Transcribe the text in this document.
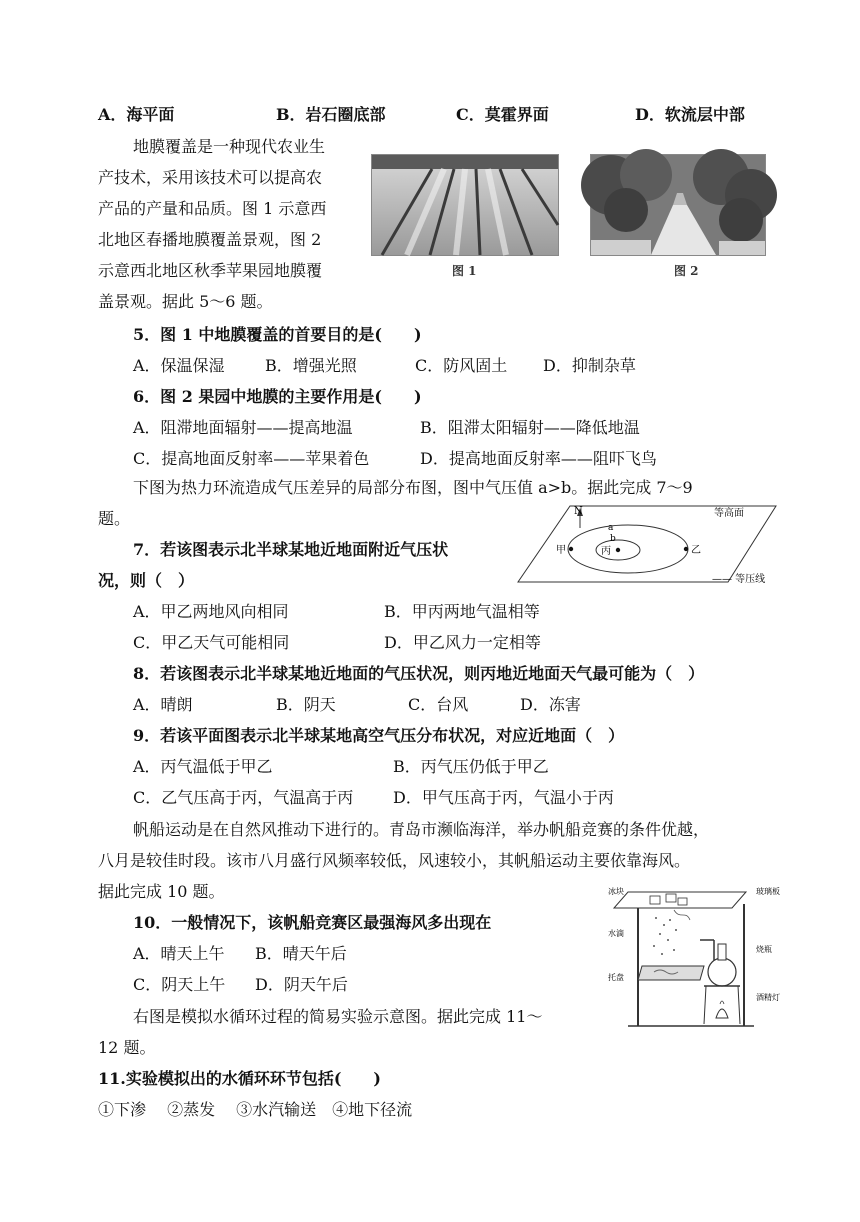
A．海平面	B．岩石圈底部	C．莫霍界面	D．软流层中部
地膜覆盖是一种现代农业生
产技术，采用该技术可以提高农
产品的产量和品质。图 1 示意西
北地区春播地膜覆盖景观，图 2
示意西北地区秋季苹果园地膜覆
盖景观。据此 5～6 题。
图 1	图 2
5．图 1 中地膜覆盖的首要目的是(　　)
A．保温保湿	B．增强光照	C．防风固土 D．抑制杂草
6．图 2 果园中地膜的主要作用是(　　)
A．阻滞地面辐射——提高地温	B．阻滞太阳辐射——降低地温
C．提高地面反射率——苹果着色	D．提高地面反射率——阻吓飞鸟
下图为热力环流造成气压差异的局部分布图，图中气压值 a>b。据此完成 7～9
题。	N	等高面
a
b
甲	丙	乙
—— 等压线
7．若该图表示北半球某地近地面附近气压状
况，则（　）
A．甲乙两地风向相同	B．甲丙两地气温相等
C．甲乙天气可能相同	D．甲乙风力一定相等
8．若该图表示北半球某地近地面的气压状况，则丙地近地面天气最可能为（　）
A．晴朗	B．阴天	C．台风	D．冻害
9．若该平面图表示北半球某地高空气压分布状况，对应近地面（　）
A．丙气温低于甲乙	B．丙气压仍低于甲乙
C．乙气压高于丙，气温高于丙 D．甲气压高于丙，气温小于丙
帆船运动是在自然风推动下进行的。青岛市濒临海洋，举办帆船竞赛的条件优越，
八月是较佳时段。该市八月盛行风频率较低，风速较小，其帆船运动主要依靠海风。
据此完成 10 题。
10．一般情况下，该帆船竞赛区最强海风多出现在
A．晴天上午 B．晴天午后
C．阴天上午 D．阴天午后
冰块	玻璃板
水滴
烧瓶
托盘
酒精灯
右图是模拟水循环过程的简易实验示意图。据此完成 11～
12 题。
11.实验模拟出的水循环环节包括(　　)
①下渗　 ②蒸发　 ③水汽输送　④地下径流
